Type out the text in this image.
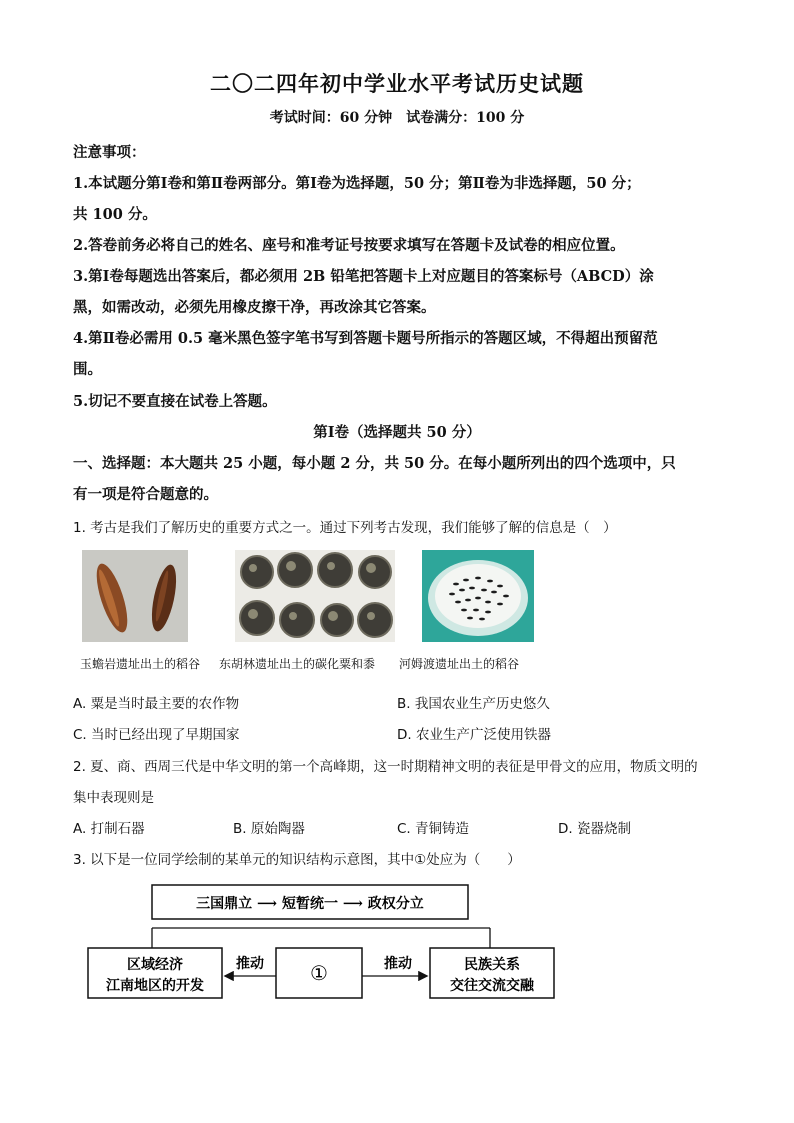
二〇二四年初中学业水平考试历史试题
考试时间：60 分钟　试卷满分：100 分
注意事项：
1.本试题分第Ⅰ卷和第Ⅱ卷两部分。第Ⅰ卷为选择题，50 分；第Ⅱ卷为非选择题，50 分；
共 100 分。
2.答卷前务必将自己的姓名、座号和准考证号按要求填写在答题卡及试卷的相应位置。
3.第Ⅰ卷每题选出答案后，都必须用 2B 铅笔把答题卡上对应题目的答案标号（ABCD）涂
黑，如需改动，必须先用橡皮擦干净，再改涂其它答案。
4.第Ⅱ卷必需用 0.5 毫米黑色签字笔书写到答题卡题号所指示的答题区域，不得超出预留范
围。
5.切记不要直接在试卷上答题。
第Ⅰ卷（选择题共 50 分）
一、选择题：本大题共 25 小题，每小题 2 分，共 50 分。在每小题所列出的四个选项中，只
有一项是符合题意的。
1. 考古是我们了解历史的重要方式之一。通过下列考古发现，我们能够了解的信息是（　）
玉蟾岩遗址出土的稻谷 东胡林遗址出土的碳化粟和黍 河姆渡遗址出土的稻谷
A. 粟是当时最主要的农作物	B. 我国农业生产历史悠久
C. 当时已经出现了早期国家	D. 农业生产广泛使用铁器
2. 夏、商、西周三代是中华文明的第一个高峰期，这一时期精神文明的表征是甲骨文的应用，物质文明的
集中表现则是
A. 打制石器	B. 原始陶器	C. 青铜铸造	D. 瓷器烧制
3. 以下是一位同学绘制的某单元的知识结构示意图，其中①处应为（　　）
三国鼎立 ⟶ 短暂统一 ⟶ 政权分立
区域经济
江南地区的开发
①	民族关系
交往交流交融
推动	推动
